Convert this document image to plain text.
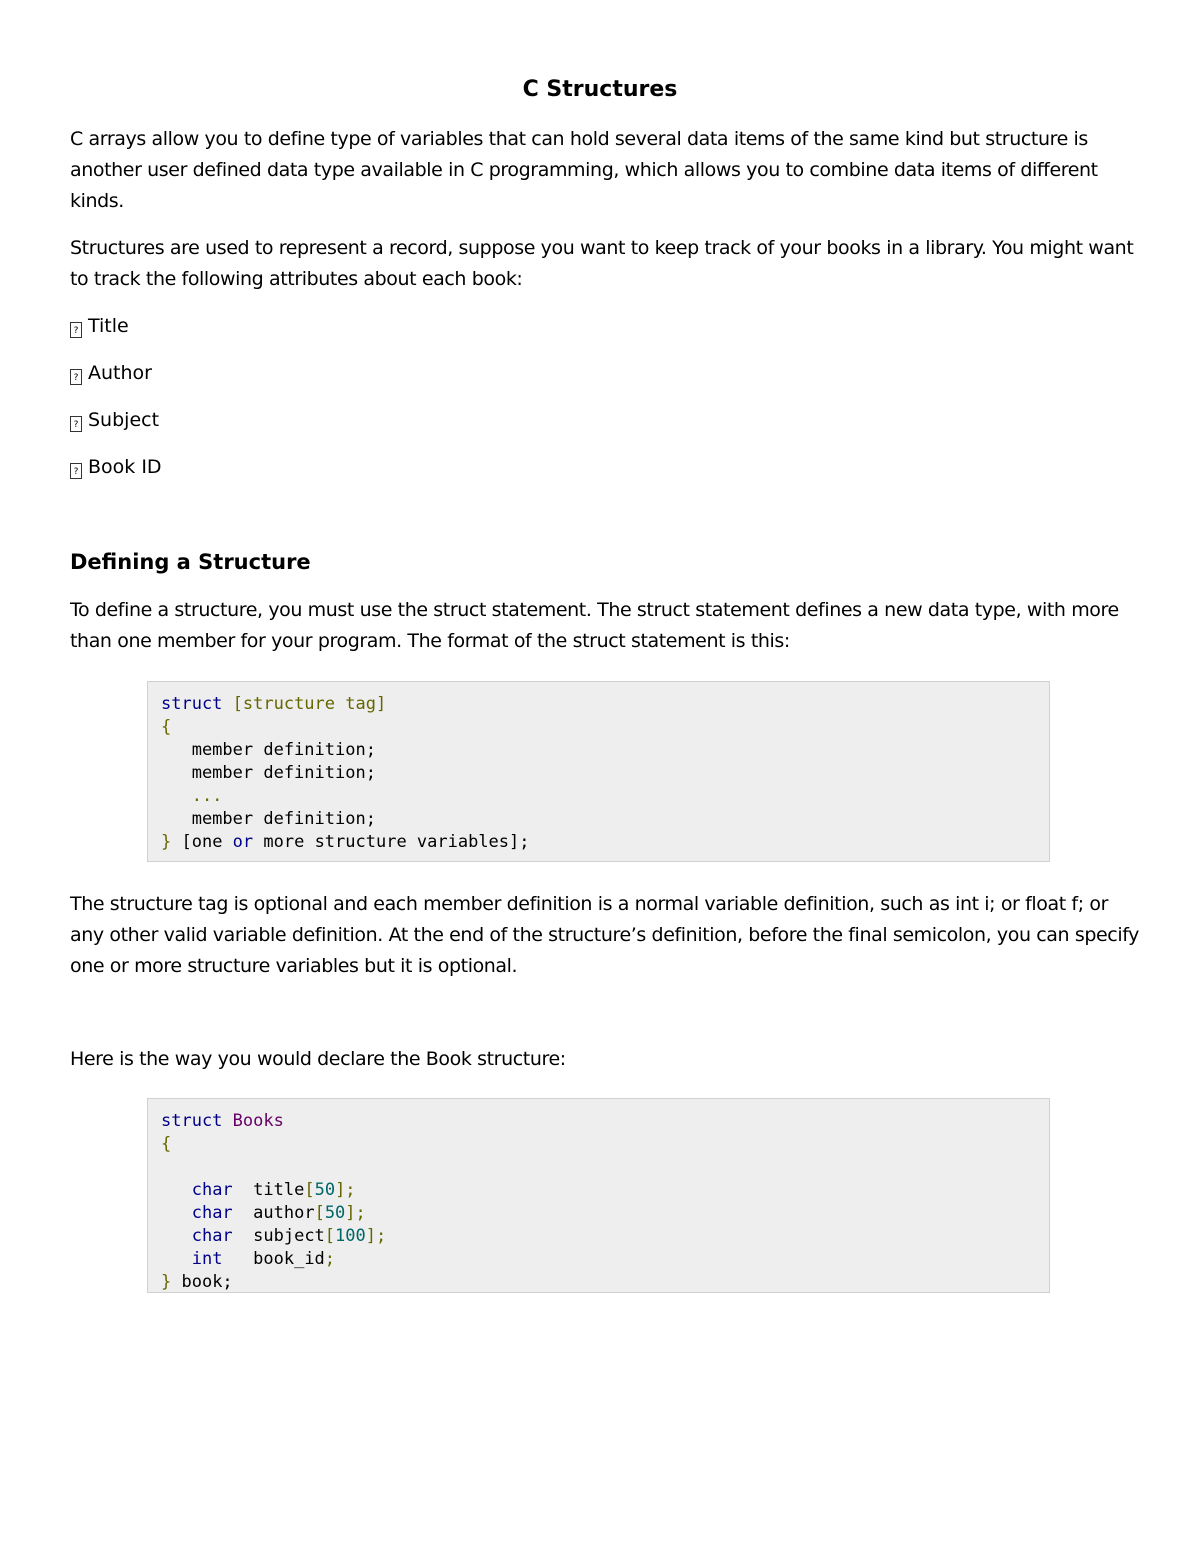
C Structures
C arrays allow you to define type of variables that can hold several data items of the same kind but structure is another user defined data type available in C programming, which allows you to combine data items of different kinds.
Structures are used to represent a record, suppose you want to keep track of your books in a library. You might want to track the following attributes about each book:
? Title
? Author
? Subject
? Book ID
Defining a Structure
To define a structure, you must use the struct statement. The struct statement defines a new data type, with more than one member for your program. The format of the struct statement is this:
struct [structure tag]
{
member definition;
member definition;
...
member definition;
} [one or more structure variables];
The structure tag is optional and each member definition is a normal variable definition, such as int i; or float f; or any other valid variable definition. At the end of the structure’s definition, before the final semicolon, you can specify one or more structure variables but it is optional.
Here is the way you would declare the Book structure:
struct Books
{

char  title[50];
char  author[50];
char  subject[100];
int   book_id;
} book;
